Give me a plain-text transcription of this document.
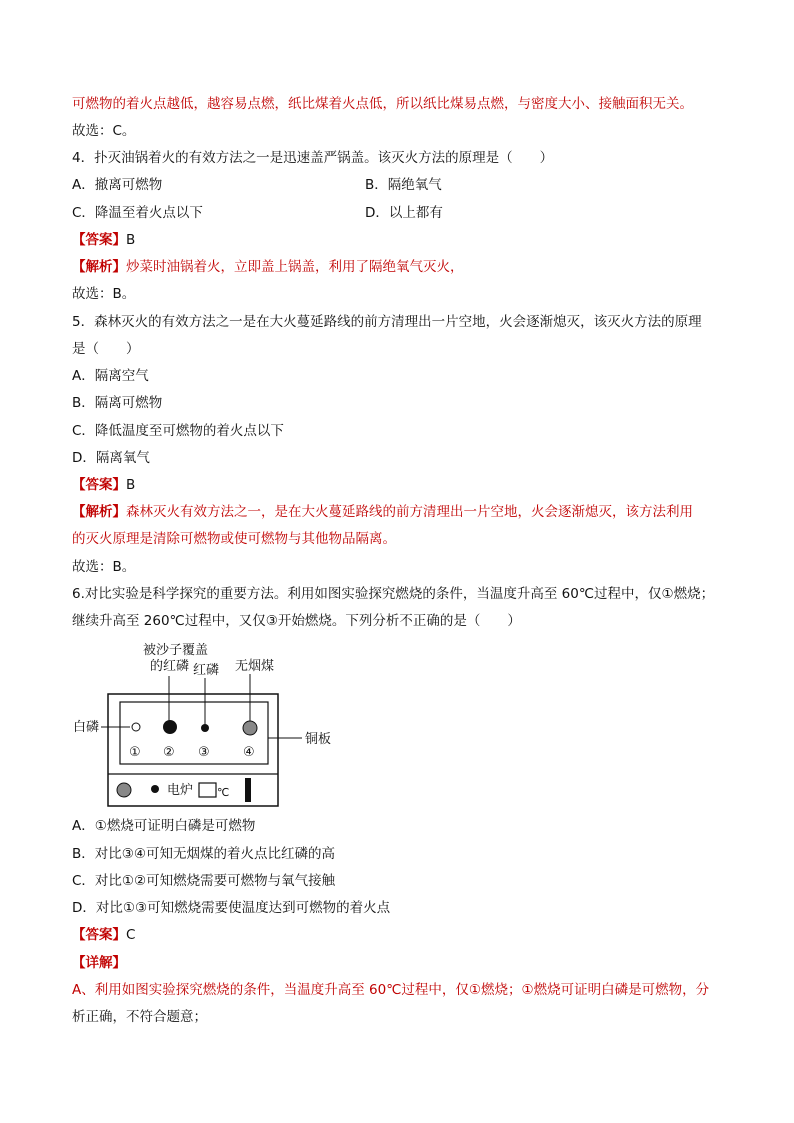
可燃物的着火点越低，越容易点燃，纸比煤着火点低，所以纸比煤易点燃，与密度大小、接触面积无关。
故选：C。
4．扑灭油锅着火的有效方法之一是迅速盖严锅盖。该灭火方法的原理是（　　）
A．撤离可燃物	B．隔绝氧气
C．降温至着火点以下	D．以上都有
【答案】B
【解析】炒菜时油锅着火，立即盖上锅盖，利用了隔绝氧气灭火，
故选：B。
5．森林灭火的有效方法之一是在大火蔓延路线的前方清理出一片空地，火会逐渐熄灭，该灭火方法的原理
是（　　）
A．隔离空气
B．隔离可燃物
C．降低温度至可燃物的着火点以下
D．隔离氧气
【答案】B
【解析】森林灭火有效方法之一，是在大火蔓延路线的前方清理出一片空地，火会逐渐熄灭，该方法利用
的灭火原理是清除可燃物或使可燃物与其他物品隔离。
故选：B。
6.对比实验是科学探究的重要方法。利用如图实验探究燃烧的条件，当温度升高至 60℃过程中，仅①燃烧；
继续升高至 260℃过程中，又仅③开始燃烧。下列分析不正确的是（　　）
被沙子覆盖
的红磷 红磷 无烟煤
① ② ③	④
白磷
铜板
电炉 ℃
A．①燃烧可证明白磷是可燃物
B．对比③④可知无烟煤的着火点比红磷的高
C．对比①②可知燃烧需要可燃物与氧气接触
D．对比①③可知燃烧需要使温度达到可燃物的着火点
【答案】C
【详解】
A、利用如图实验探究燃烧的条件，当温度升高至 60℃过程中，仅①燃烧；①燃烧可证明白磷是可燃物，分
析正确，不符合题意；
